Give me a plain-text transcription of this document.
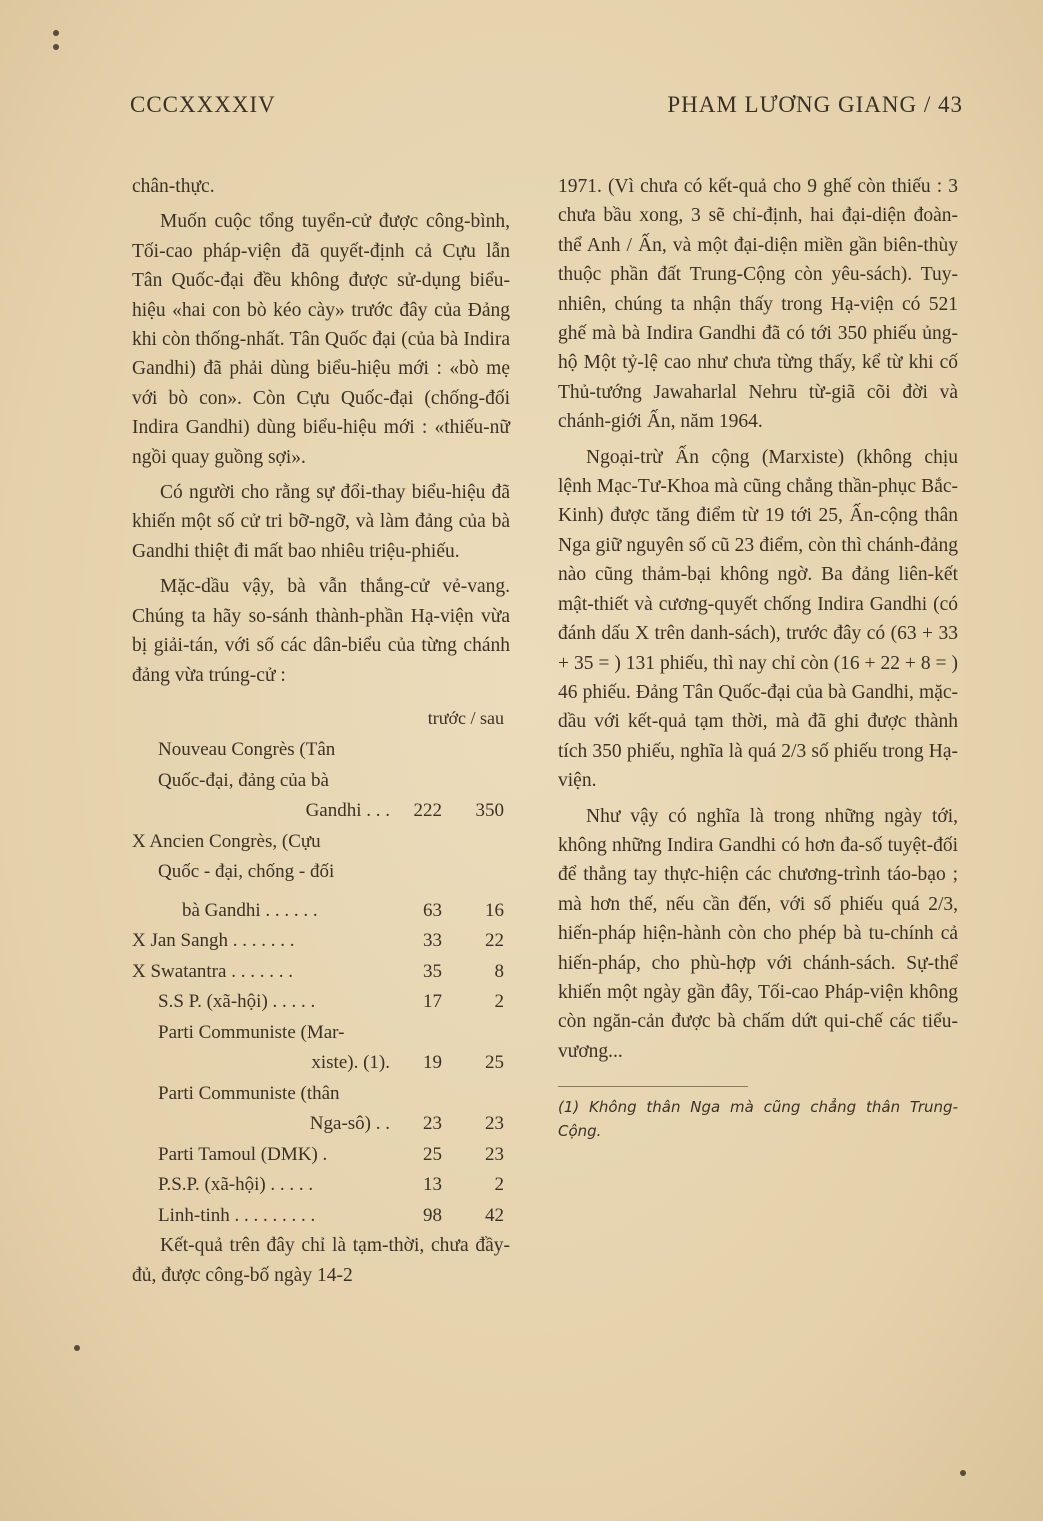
CCCXXXXIV	PHAM LƯƠNG GIANG / 43

chân-thực.

Muốn cuộc tổng tuyển-cử được công-bình, Tối-cao pháp-viện đã quyết-định cả Cựu lẫn Tân Quốc-đại đều không được sử-dụng biểu-hiệu «hai con bò kéo cày» trước đây của Đảng khi còn thống-nhất. Tân Quốc đại (của bà Indira Gandhi) đã phải dùng biểu-hiệu mới : «bò mẹ với bò con». Còn Cựu Quốc-đại (chống-đối Indira Gandhi) dùng biểu-hiệu mới : «thiếu-nữ ngồi quay guồng sợi».

Có người cho rằng sự đổi-thay biểu-hiệu đã khiến một số cử tri bỡ-ngỡ, và làm đảng của bà Gandhi thiệt đi mất bao nhiêu triệu-phiếu.

Mặc-dầu vậy, bà vẫn thắng-cử vẻ-vang. Chúng ta hãy so-sánh thành-phần Hạ-viện vừa bị giải-tán, với số các dân-biểu của từng chánh đảng vừa trúng-cử :

trước / sau
Nouveau Congrès (Tân
Quốc-đại, đảng của bà
Gandhi . . .	222	350
X Ancien Congrès, (Cựu
Quốc - đại, chống - đối
bà Gandhi . . . . . .	63	16
X Jan Sangh . . . . . . .	33	22
X Swatantra . . . . . . .	35	8
S.S P. (xã-hội) . . . . .	17	2
Parti Communiste (Mar-
xiste). (1).	19	25
Parti Communiste (thân
Nga-sô) . .	23	23
Parti Tamoul (DMK) .	25	23
P.S.P. (xã-hội) . . . . .	13	2
Linh-tinh . . . . . . . . .	98	42

Kết-quả trên đây chỉ là tạm-thời, chưa đầy-đủ, được công-bố ngày 14-2

1971. (Vì chưa có kết-quả cho 9 ghế còn thiếu : 3 chưa bầu xong, 3 sẽ chỉ-định, hai đại-diện đoàn-thể Anh / Ấn, và một đại-diện miền gần biên-thùy thuộc phần đất Trung-Cộng còn yêu-sách). Tuy-nhiên, chúng ta nhận thấy trong Hạ-viện có 521 ghế mà bà Indira Gandhi đã có tới 350 phiếu ủng-hộ Một tỷ-lệ cao như chưa từng thấy, kể từ khi cố Thủ-tướng Jawaharlal Nehru từ-giã cõi đời và chánh-giới Ấn, năm 1964.

Ngoại-trừ Ấn cộng (Marxiste) (không chịu lệnh Mạc-Tư-Khoa mà cũng chẳng thần-phục Bắc-Kinh) được tăng điểm từ 19 tới 25, Ấn-cộng thân Nga giữ nguyên số cũ 23 điểm, còn thì chánh-đảng nào cũng thảm-bại không ngờ. Ba đảng liên-kết mật-thiết và cương-quyết chống Indira Gandhi (có đánh dấu X trên danh-sách), trước đây có (63 + 33 + 35 = ) 131 phiếu, thì nay chỉ còn (16 + 22 + 8 = ) 46 phiếu. Đảng Tân Quốc-đại của bà Gandhi, mặc-dầu với kết-quả tạm thời, mà đã ghi được thành tích 350 phiếu, nghĩa là quá 2/3 số phiếu trong Hạ-viện.

Như vậy có nghĩa là trong những ngày tới, không những Indira Gandhi có hơn đa-số tuyệt-đối để thẳng tay thực-hiện các chương-trình táo-bạo ; mà hơn thế, nếu cần đến, với số phiếu quá 2/3, hiến-pháp hiện-hành còn cho phép bà tu-chính cả hiến-pháp, cho phù-hợp với chánh-sách. Sự-thể khiến một ngày gần đây, Tối-cao Pháp-viện không còn ngăn-cản được bà chấm dứt qui-chế các tiểu-vương...

(1) Không thân Nga mà cũng chẳng thân Trung-Cộng.
